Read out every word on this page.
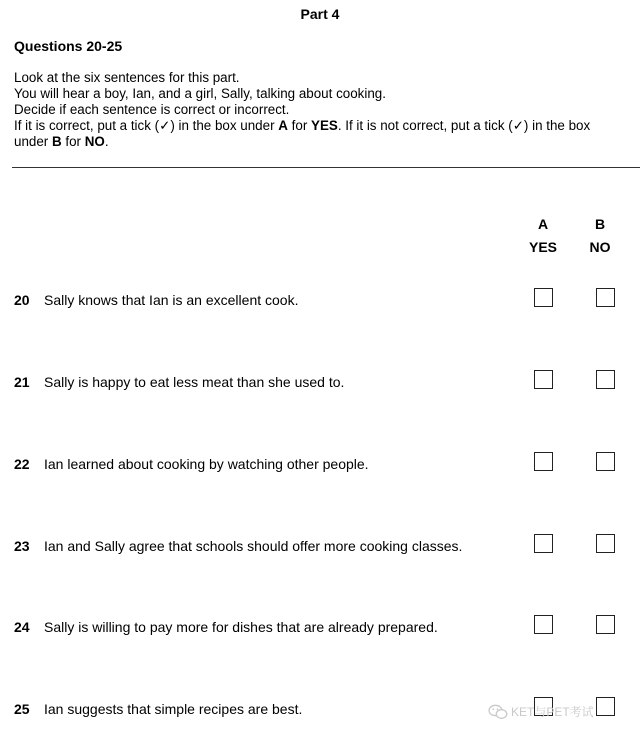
Part 4
Questions 20-25
Look at the six sentences for this part.
You will hear a boy, Ian, and a girl, Sally, talking about cooking.
Decide if each sentence is correct or incorrect.
If it is correct, put a tick (✓) in the box under A for YES. If it is not correct, put a tick (✓) in the box
under B for NO.
A
YES
B
NO
20 Sally knows that Ian is an excellent cook.
21 Sally is happy to eat less meat than she used to.
22 Ian learned about cooking by watching other people.
23 Ian and Sally agree that schools should offer more cooking classes.
24 Sally is willing to pay more for dishes that are already prepared.
25 Ian suggests that simple recipes are best.	KET与PET考试
